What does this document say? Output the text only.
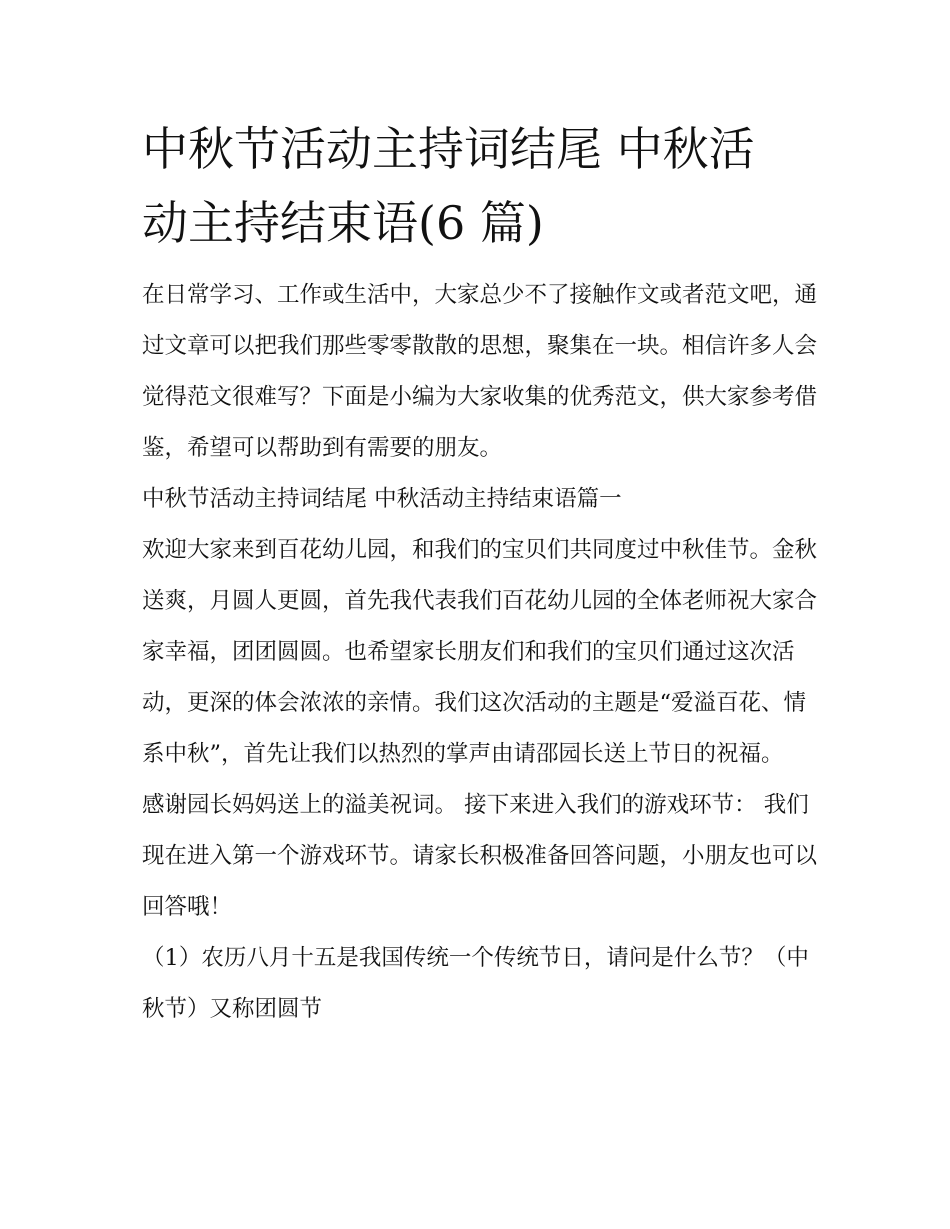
中秋节活动主持词结尾 中秋活
动主持结束语(6 篇)

在日常学习、工作或生活中，大家总少不了接触作文或者范文吧，通过文章可以把我们那些零零散散的思想，聚集在一块。相信许多人会觉得范文很难写？下面是小编为大家收集的优秀范文，供大家参考借鉴，希望可以帮助到有需要的朋友。

中秋节活动主持词结尾 中秋活动主持结束语篇一

欢迎大家来到百花幼儿园，和我们的宝贝们共同度过中秋佳节。金秋送爽，月圆人更圆，首先我代表我们百花幼儿园的全体老师祝大家合家幸福，团团圆圆。也希望家长朋友们和我们的宝贝们通过这次活动，更深的体会浓浓的亲情。我们这次活动的主题是“爱溢百花、情系中秋”，首先让我们以热烈的掌声由请邵园长送上节日的祝福。

感谢园长妈妈送上的溢美祝词。 接下来进入我们的游戏环节： 我们现在进入第一个游戏环节。请家长积极准备回答问题，小朋友也可以回答哦！

（1）农历八月十五是我国传统一个传统节日，请问是什么节？（中秋节）又称团圆节
